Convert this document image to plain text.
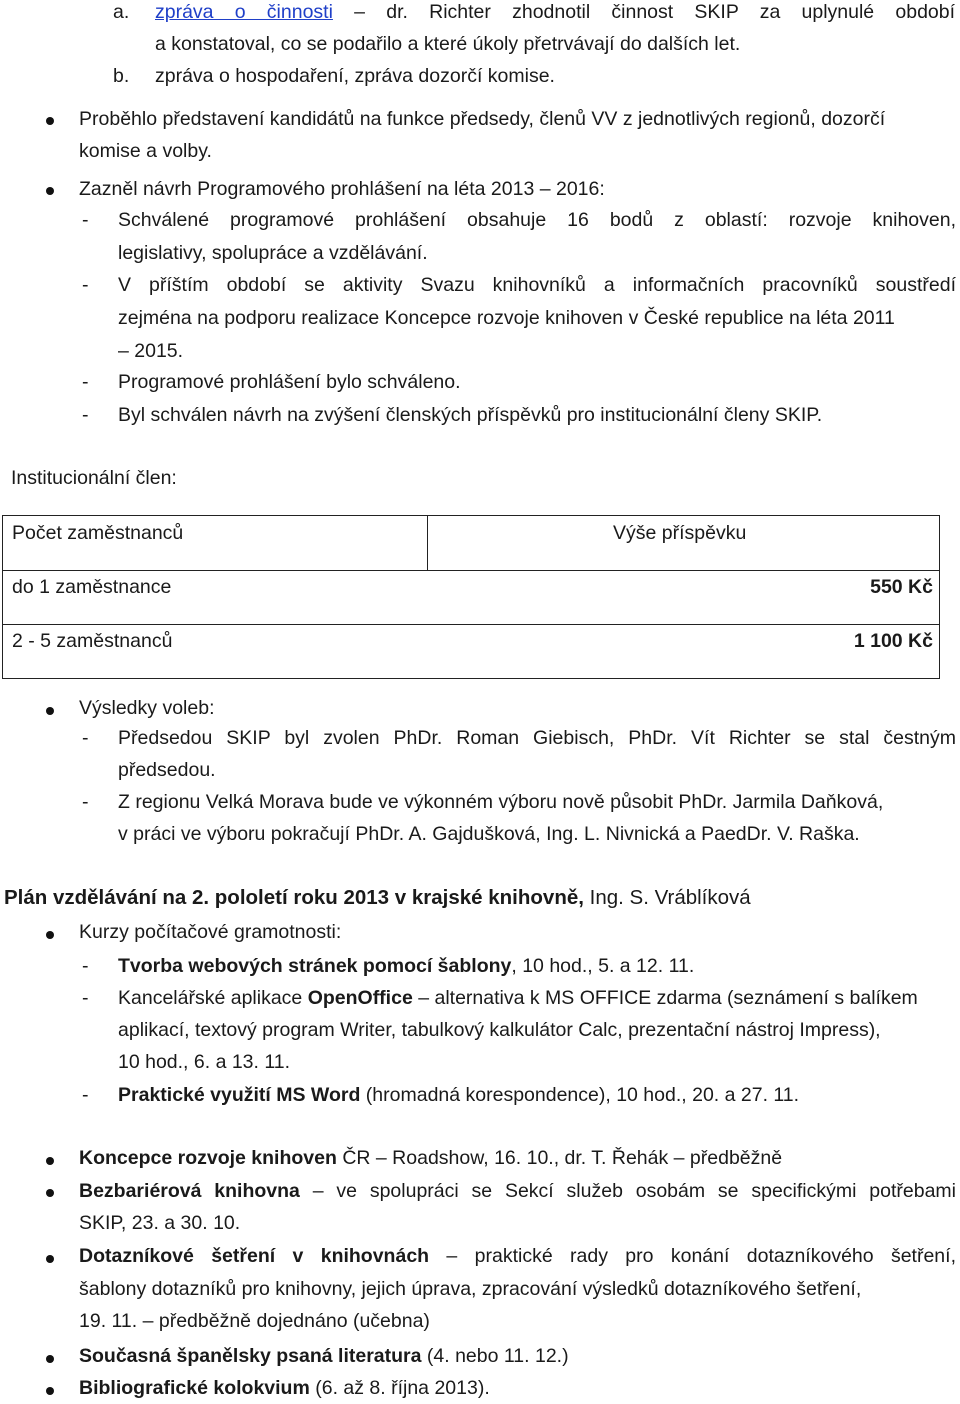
a. zpráva o činnosti – dr. Richter zhodnotil činnost SKIP za uplynulé období
a konstatoval, co se podařilo a které úkoly přetrvávají do dalších let.
b. zpráva o hospodaření, zpráva dozorčí komise.
Proběhlo představení kandidátů na funkce předsedy, členů VV z jednotlivých regionů, dozorčí
komise a volby.
Zazněl návrh Programového prohlášení na léta 2013 – 2016:
- Schválené programové prohlášení obsahuje 16 bodů z oblastí: rozvoje knihoven,
legislativy, spolupráce a vzdělávání.
- V příštím období se aktivity Svazu knihovníků a informačních pracovníků soustředí
zejména na podporu realizace Koncepce rozvoje knihoven v České republice na léta 2011
– 2015.
- Programové prohlášení bylo schváleno.
- Byl schválen návrh na zvýšení členských příspěvků pro institucionální členy SKIP.
Institucionální člen:
Počet zaměstnanců	Výše příspěvku
do 1 zaměstnance	550 Kč
2 - 5 zaměstnanců	1 100 Kč
Výsledky voleb:
- Předsedou SKIP byl zvolen PhDr. Roman Giebisch, PhDr. Vít Richter se stal čestným
předsedou.
- Z regionu Velká Morava bude ve výkonném výboru nově působit PhDr. Jarmila Daňková,
v práci ve výboru pokračují PhDr. A. Gajdušková, Ing. L. Nivnická a PaedDr. V. Raška.
Plán vzdělávání na 2. pololetí roku 2013 v krajské knihovně, Ing. S. Vráblíková
Kurzy počítačové gramotnosti:
- Tvorba webových stránek pomocí šablony, 10 hod., 5. a 12. 11.
- Kancelářské aplikace OpenOffice – alternativa k MS OFFICE zdarma (seznámení s balíkem
aplikací, textový program Writer, tabulkový kalkulátor Calc, prezentační nástroj Impress),
10 hod., 6. a 13. 11.
- Praktické využití MS Word (hromadná korespondence), 10 hod., 20. a 27. 11.
Koncepce rozvoje knihoven ČR – Roadshow, 16. 10., dr. T. Řehák – předběžně
Bezbariérová knihovna – ve spolupráci se Sekcí služeb osobám se specifickými potřebami
SKIP, 23. a 30. 10.
Dotazníkové šetření v knihovnách – praktické rady pro konání dotazníkového šetření,
šablony dotazníků pro knihovny, jejich úprava, zpracování výsledků dotazníkového šetření,
19. 11. – předběžně dojednáno (učebna)
Současná španělsky psaná literatura (4. nebo 11. 12.)
Bibliografické kolokvium (6. až 8. října 2013).
